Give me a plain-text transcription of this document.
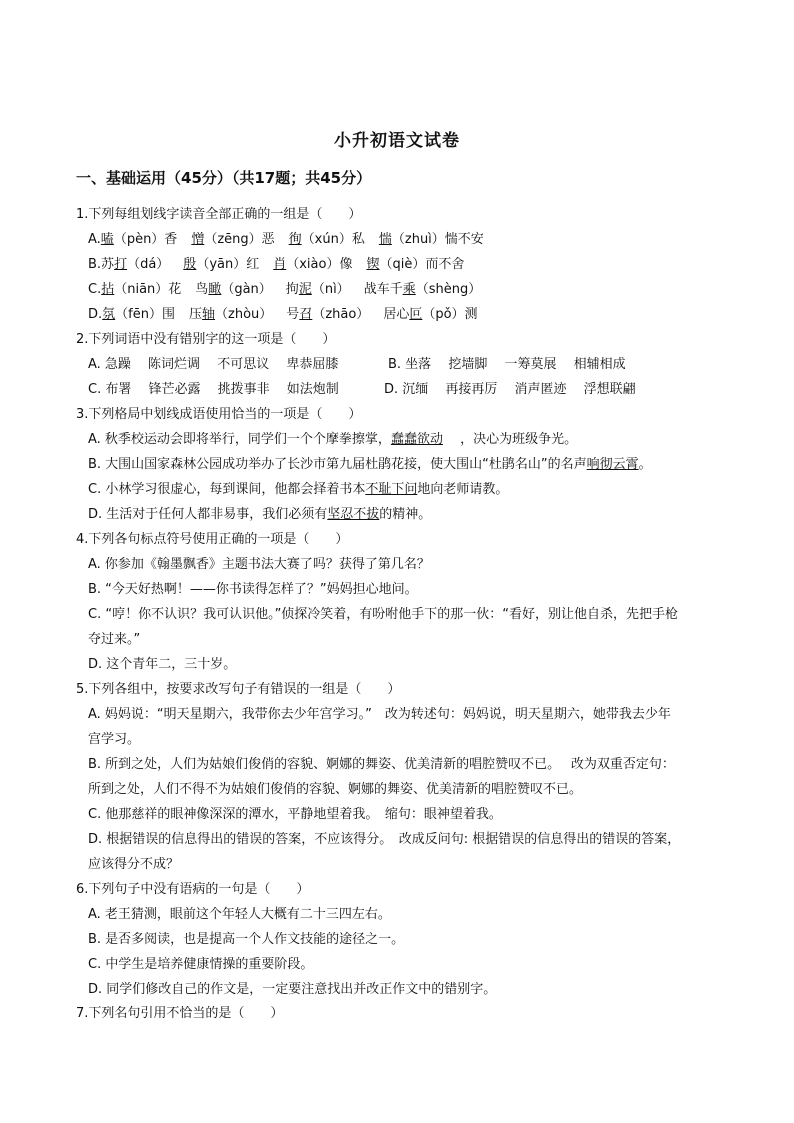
小升初语文试卷
一、基础运用（45分）（共17题；共45分）
1.下列每组划线字读音全部正确的一组是（　　）
A.嗑（pèn）香 憎（zēng）恶 徇（xún）私 惴（zhuì）惴不安
B.苏打（dá） 殷（yān）红 肖（xiào）像 锲（qiè）而不舍
C.拈（niān）花 鸟瞰（gàn） 拘泥（nì） 战车千乘（shèng）
D.氛（fēn）围 压轴（zhòu） 号召（zhāo） 居心叵（pǒ）测
2.下列词语中没有错别字的这一项是（　　）
A. 急躁　 陈词烂调　 不可思议　 卑恭屈膝	B. 坐落　 挖墙脚　 一筹莫展　 相辅相成
C. 布署　 锋芒必露　 挑拨事非　 如法炮制	D. 沉缅　 再接再厉　 消声匿迹　 浮想联翩
3.下列格局中划线成语使用恰当的一项是（　　）
A. 秋季校运动会即将举行，同学们一个个摩拳擦掌，蠢蠢欲动　 ，决心为班级争光。
B. 大围山国家森林公园成功举办了长沙市第九届杜鹃花接，使大围山“杜鹃名山”的名声响彻云霄。
C. 小林学习很虚心，每到课间，他都会择着书本不耻下问地向老师请教。
D. 生活对于任何人都非易事，我们必须有坚忍不拔的精神。
4.下列各句标点符号使用正确的一项是（　　）
A. 你参加《翰墨飘香》主题书法大赛了吗？获得了第几名？
B. “今天好热啊！——你书读得怎样了？”妈妈担心地问。
C. “哼！你不认识？我可认识他。”侦探冷笑着，有吩咐他手下的那一伙：“看好，别让他自杀，先把手枪
夺过来。”
D. 这个青年二，三十岁。
5.下列各组中，按要求改写句子有错误的一组是（　　）
A. 妈妈说：“明天星期六，我带你去少年宫学习。”　改为转述句：妈妈说，明天星期六，她带我去少年
宫学习。
B. 所到之处，人们为姑娘们俊俏的容貌、婀娜的舞姿、优美清新的唱腔赞叹不已。　 改为双重否定句：
所到之处，人们不得不为姑娘们俊俏的容貌、婀娜的舞姿、优美清新的唱腔赞叹不已。
C. 他那慈祥的眼神像深深的潭水，平静地望着我。　缩句：眼神望着我。
D. 根据错误的信息得出的错误的答案，不应该得分。　改成反问句: 根据错误的信息得出的错误的答案，
应该得分不成？
6.下列句子中没有语病的一句是（　　）
A. 老王猜测，眼前这个年轻人大概有二十三四左右。
B. 是否多阅读，也是提高一个人作文技能的途径之一。
C. 中学生是培养健康情操的重要阶段。
D. 同学们修改自己的作文是，一定要注意找出并改正作文中的错别字。
7.下列名句引用不恰当的是（　　）
